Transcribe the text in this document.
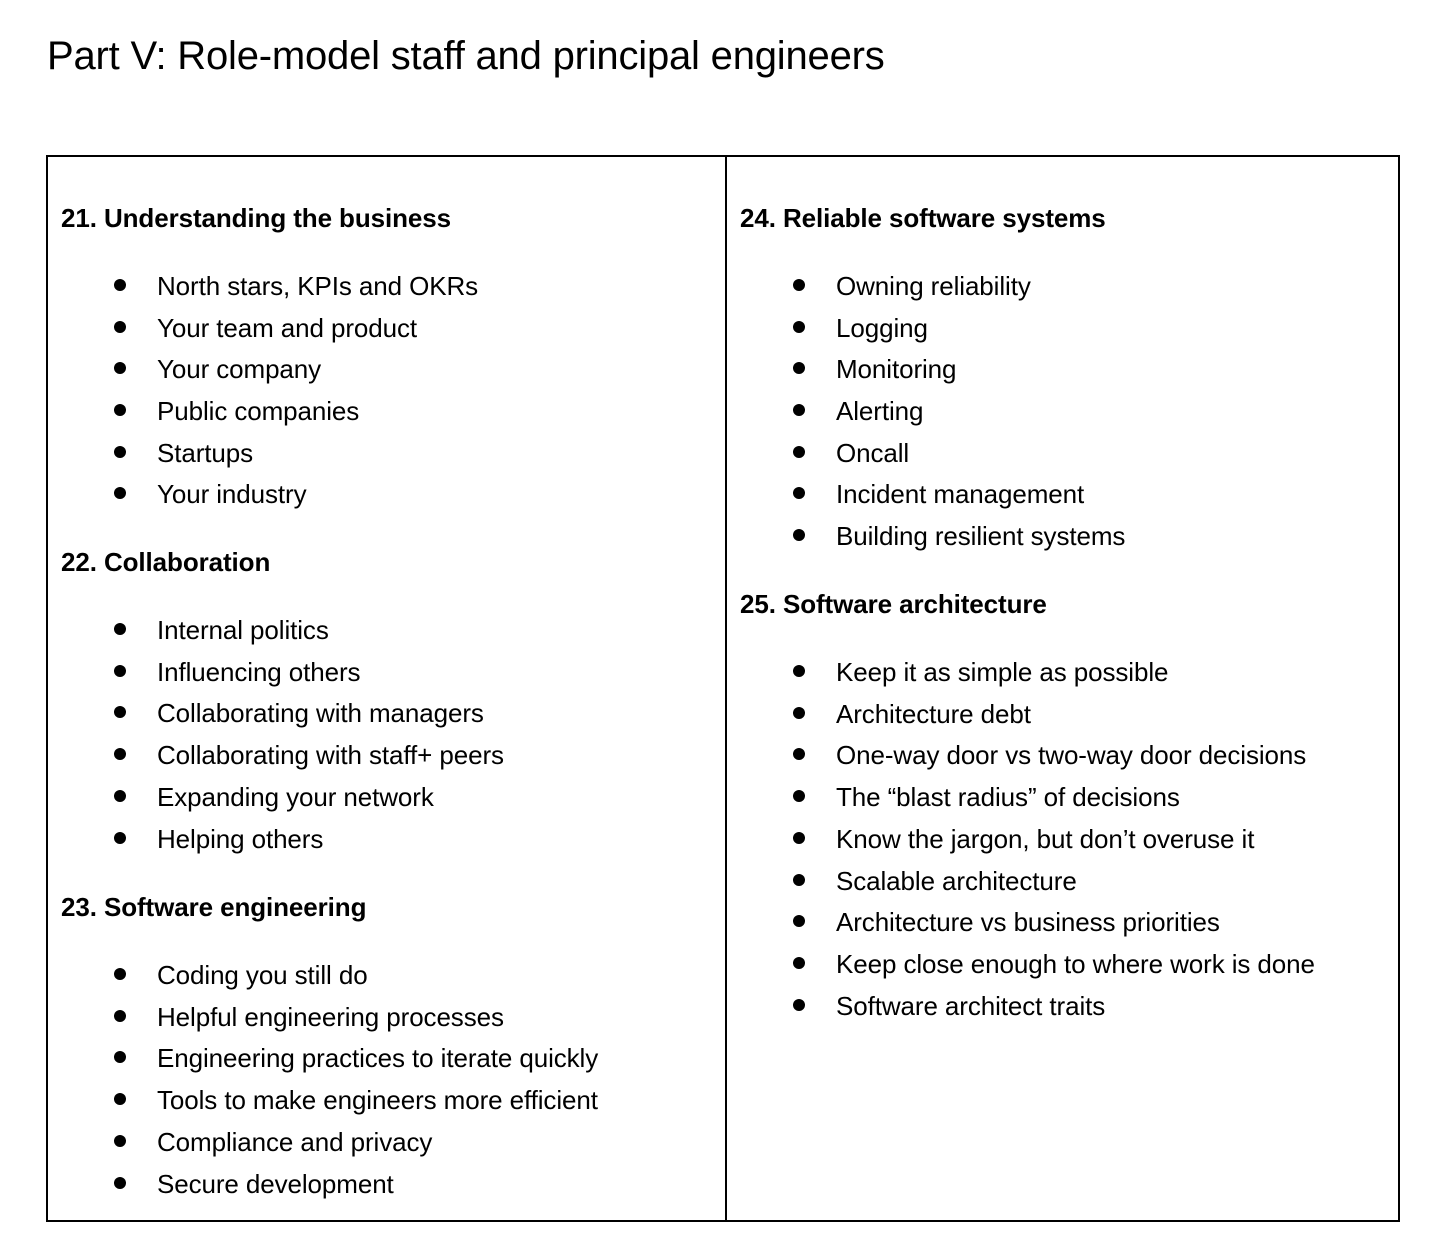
Part V: Role-model staff and principal engineers
21. Understanding the business
North stars, KPIs and OKRs
Your team and product
Your company
Public companies
Startups
Your industry
22. Collaboration
Internal politics
Influencing others
Collaborating with managers
Collaborating with staff+ peers
Expanding your network
Helping others
23. Software engineering
Coding you still do
Helpful engineering processes
Engineering practices to iterate quickly
Tools to make engineers more efficient
Compliance and privacy
Secure development
24. Reliable software systems
Owning reliability
Logging
Monitoring
Alerting
Oncall
Incident management
Building resilient systems
25. Software architecture
Keep it as simple as possible
Architecture debt
One-way door vs two-way door decisions
The “blast radius” of decisions
Know the jargon, but don’t overuse it
Scalable architecture
Architecture vs business priorities
Keep close enough to where work is done
Software architect traits
